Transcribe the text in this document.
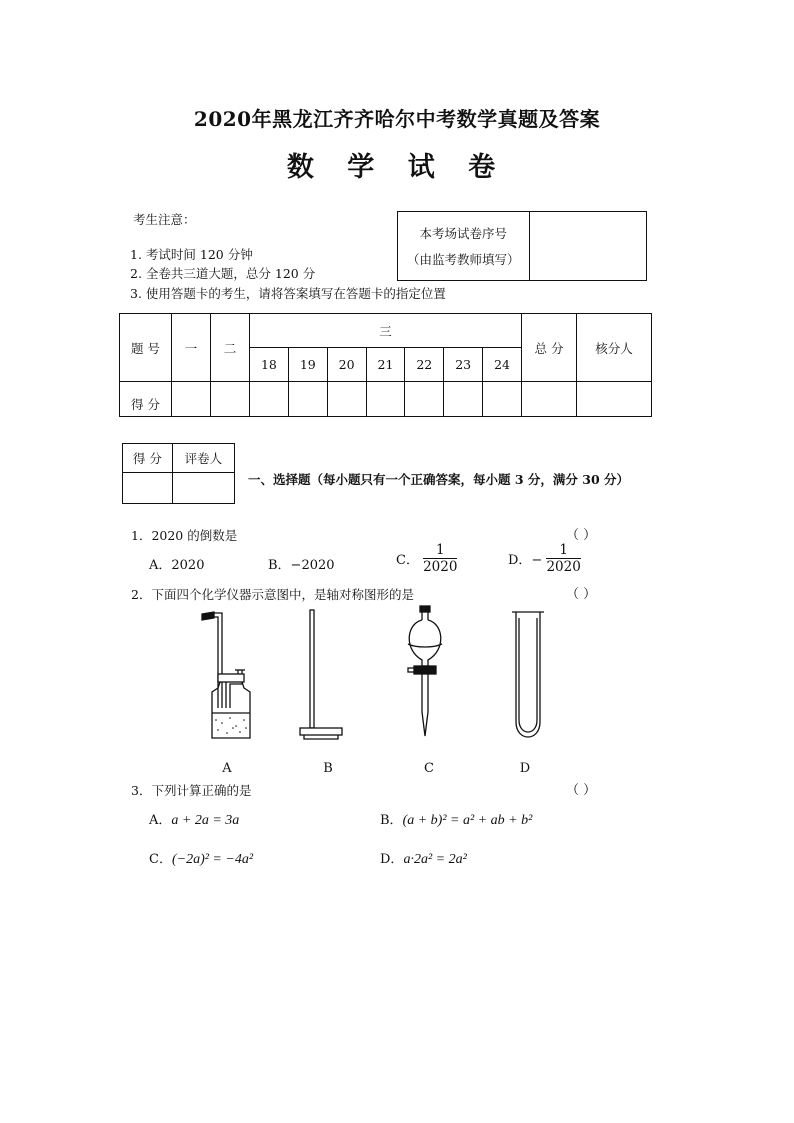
2020年黑龙江齐齐哈尔中考数学真题及答案
数 学 试 卷
考生注意：
1. 考试时间 120 分钟
2. 全卷共三道大题，总分 120 分
3. 使用答题卡的考生，请将答案填写在答题卡的指定位置
本考场试卷序号	
（由监考教师填写）
题 号	一	二	三							总 分	核分人
			18	19	20	21	22	23	24		
得 分											
得 分	评卷人

一、选择题（每小题只有一个正确答案，每小题 3 分，满分 30 分）
1．2020 的倒数是	（ ）
A．2020	B．−2020	C． $\frac{1}{2020}$	D．− $\frac{1}{2020}$
2．下面四个化学仪器示意图中，是轴对称图形的是	（ ）
A	B	C	D
3．下列计算正确的是	（ ）
A．a + 2a = 3a	B．(a + b)² = a² + ab + b²
C．(−2a)² = −4a²	D．a·2a² = 2a²
